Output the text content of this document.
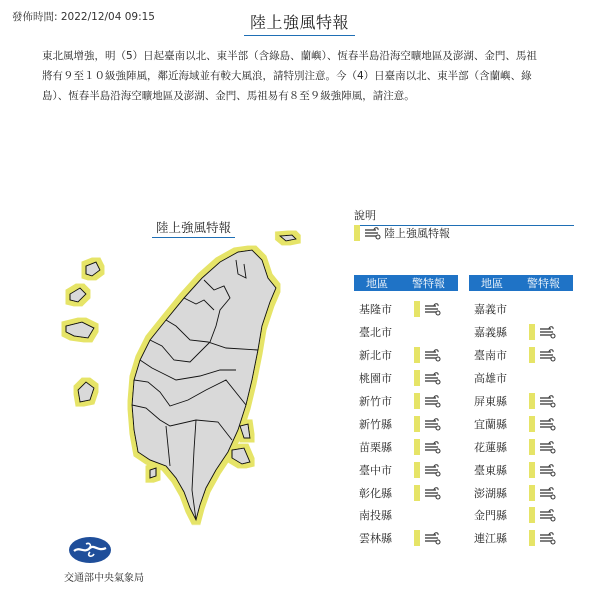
發佈時間: 2022/12/04 09:15	陸上強風特報
東北風增強，明（5）日起臺南以北、東半部（含綠島、蘭嶼）、恆春半島沿海空曠地區及澎湖、金門、馬祖將有９至１０級強陣風，鄰近海域並有較大風浪，請特別注意。今（4）日臺南以北、東半部（含蘭嶼、綠島）、恆春半島沿海空曠地區及澎湖、金門、馬祖易有８至９級強陣風，請注意。
陸上強風特報
交通部中央氣象局
說明
陸上強風特報
地區 警特報	地區 警特報
基隆市
臺北市
新北市
桃園市
新竹市
新竹縣
苗栗縣
臺中市
彰化縣
南投縣
雲林縣
嘉義市
嘉義縣
臺南市
高雄市
屏東縣
宜蘭縣
花蓮縣
臺東縣
澎湖縣
金門縣
連江縣
